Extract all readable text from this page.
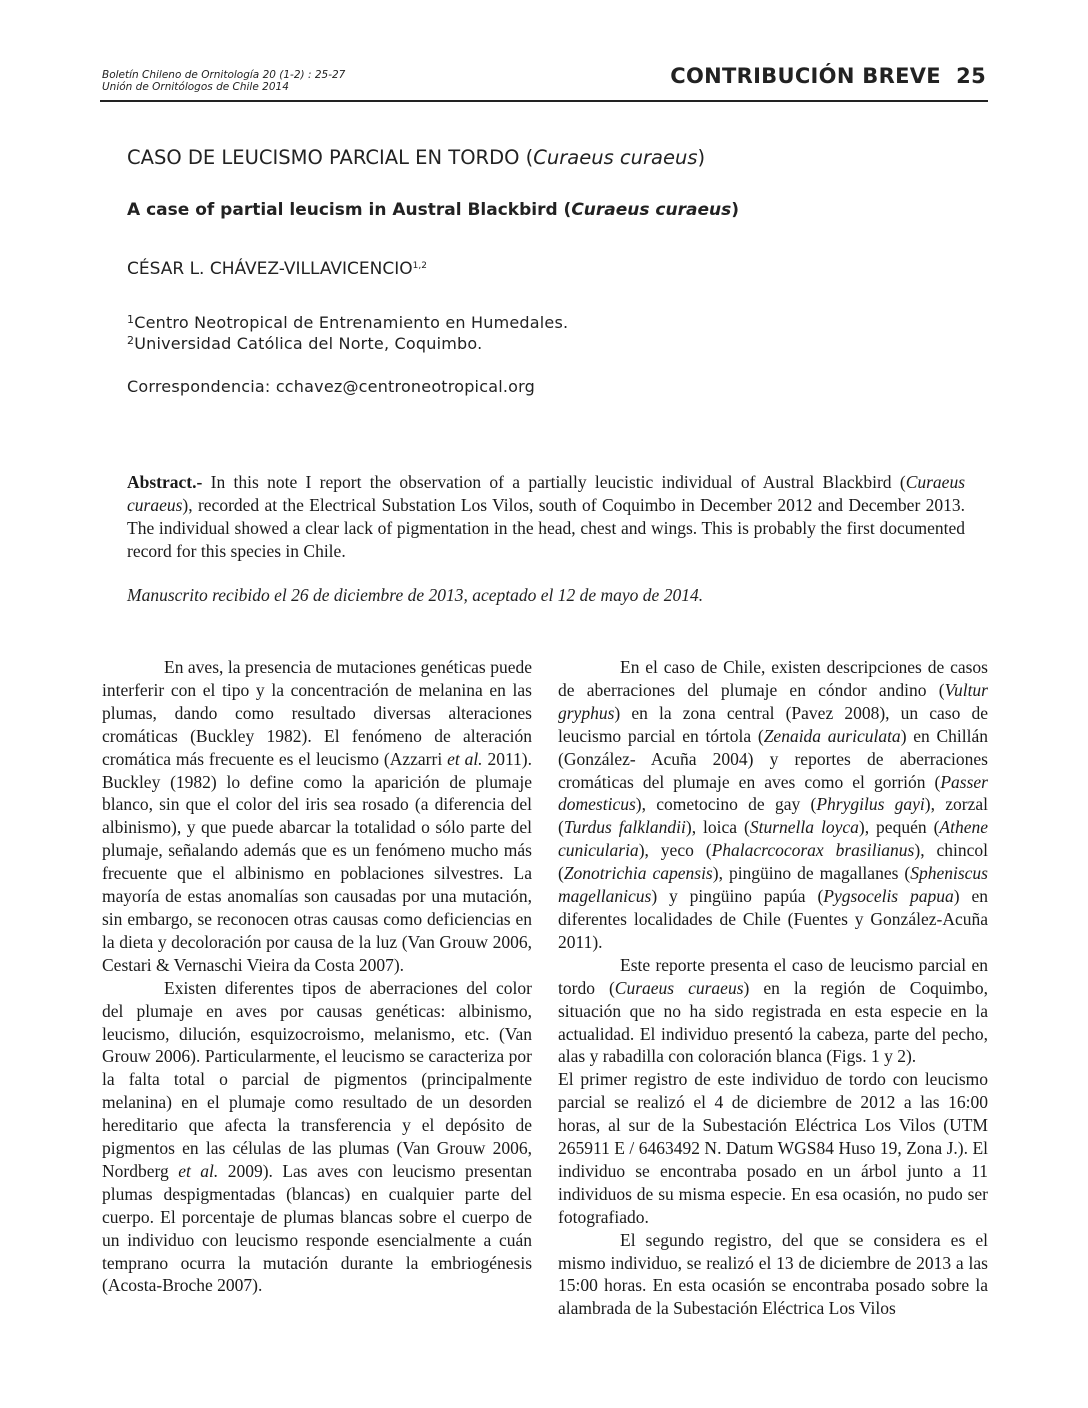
Boletín Chileno de Ornitología 20 (1-2) : 25-27
Unión de Ornitólogos de Chile 2014	CONTRIBUCIÓN BREVE 25
CASO DE LEUCISMO PARCIAL EN TORDO (Curaeus curaeus)
A case of partial leucism in Austral Blackbird (Curaeus curaeus)
CÉSAR L. CHÁVEZ-VILLAVICENCIO$^{1,2}$
$^1$Centro Neotropical de Entrenamiento en Humedales.
$^2$Universidad Católica del Norte, Coquimbo.
Correspondencia: cchavez@centroneotropical.org
Abstract.- In this note I report the observation of a partially leucistic individual of Austral Blackbird (Curaeus curaeus), recorded at the Electrical Substation Los Vilos, south of Coquimbo in December 2012 and December 2013. The individual showed a clear lack of pigmentation in the head, chest and wings. This is probably the first documented record for this species in Chile.
Manuscrito recibido el 26 de diciembre de 2013, aceptado el 12 de mayo de 2014.

En aves, la presencia de mutaciones genéticas puede interferir con el tipo y la concentración de melanina en las plumas, dando como resultado diversas alteraciones cromáticas (Buckley 1982). El fenómeno de alteración cromática más frecuente es el leucismo (Azzarri et al. 2011). Buckley (1982) lo define como la aparición de plumaje blanco, sin que el color del iris sea rosado (a diferencia del albinismo), y que puede abarcar la totalidad o sólo parte del plumaje, señalando además que es un fenómeno mucho más frecuente que el albinismo en poblaciones silvestres. La mayoría de estas anomalías son causadas por una mutación, sin embargo, se reconocen otras causas como deficiencias en la dieta y decoloración por causa de la luz (Van Grouw 2006, Cestari & Vernaschi Vieira da Costa 2007).

Existen diferentes tipos de aberraciones del color del plumaje en aves por causas genéticas: albinismo, leucismo, dilución, esquizocroismo, melanismo, etc. (Van Grouw 2006). Particularmente, el leucismo se caracteriza por la falta total o parcial de pigmentos (principalmente melanina) en el plumaje como resultado de un desorden hereditario que afecta la transferencia y el depósito de pigmentos en las células de las plumas (Van Grouw 2006, Nordberg et al. 2009). Las aves con leucismo presentan plumas despigmentadas (blancas) en cualquier parte del cuerpo. El porcentaje de plumas blancas sobre el cuerpo de un individuo con leucismo responde esencialmente a cuán temprano ocurra la mutación durante la embriogénesis (Acosta-Broche 2007).

En el caso de Chile, existen descripciones de casos de aberraciones del plumaje en cóndor andino (Vultur gryphus) en la zona central (Pavez 2008), un caso de leucismo parcial en tórtola (Zenaida auriculata) en Chillán (González- Acuña 2004) y reportes de aberraciones cromáticas del plumaje en aves como el gorrión (Passer domesticus), cometocino de gay (Phrygilus gayi), zorzal (Turdus falklandii), loica (Sturnella loyca), pequén (Athene cunicularia), yeco (Phalacrcocorax brasilianus), chincol (Zonotrichia capensis), pingüino de magallanes (Spheniscus magellanicus) y pingüino papúa (Pygsocelis papua) en diferentes localidades de Chile (Fuentes y González-Acuña 2011).

Este reporte presenta el caso de leucismo parcial en tordo (Curaeus curaeus) en la región de Coquimbo, situación que no ha sido registrada en esta especie en la actualidad. El individuo presentó la cabeza, parte del pecho, alas y rabadilla con coloración blanca (Figs. 1 y 2).

El primer registro de este individuo de tordo con leucismo parcial se realizó el 4 de diciembre de 2012 a las 16:00 horas, al sur de la Subestación Eléctrica Los Vilos (UTM 265911 E / 6463492 N. Datum WGS84 Huso 19, Zona J.). El individuo se encontraba posado en un árbol junto a 11 individuos de su misma especie. En esa ocasión, no pudo ser fotografiado.

El segundo registro, del que se considera es el mismo individuo, se realizó el 13 de diciembre de 2013 a las 15:00 horas. En esta ocasión se encontraba posado sobre la alambrada de la Subestación Eléctrica Los Vilos
